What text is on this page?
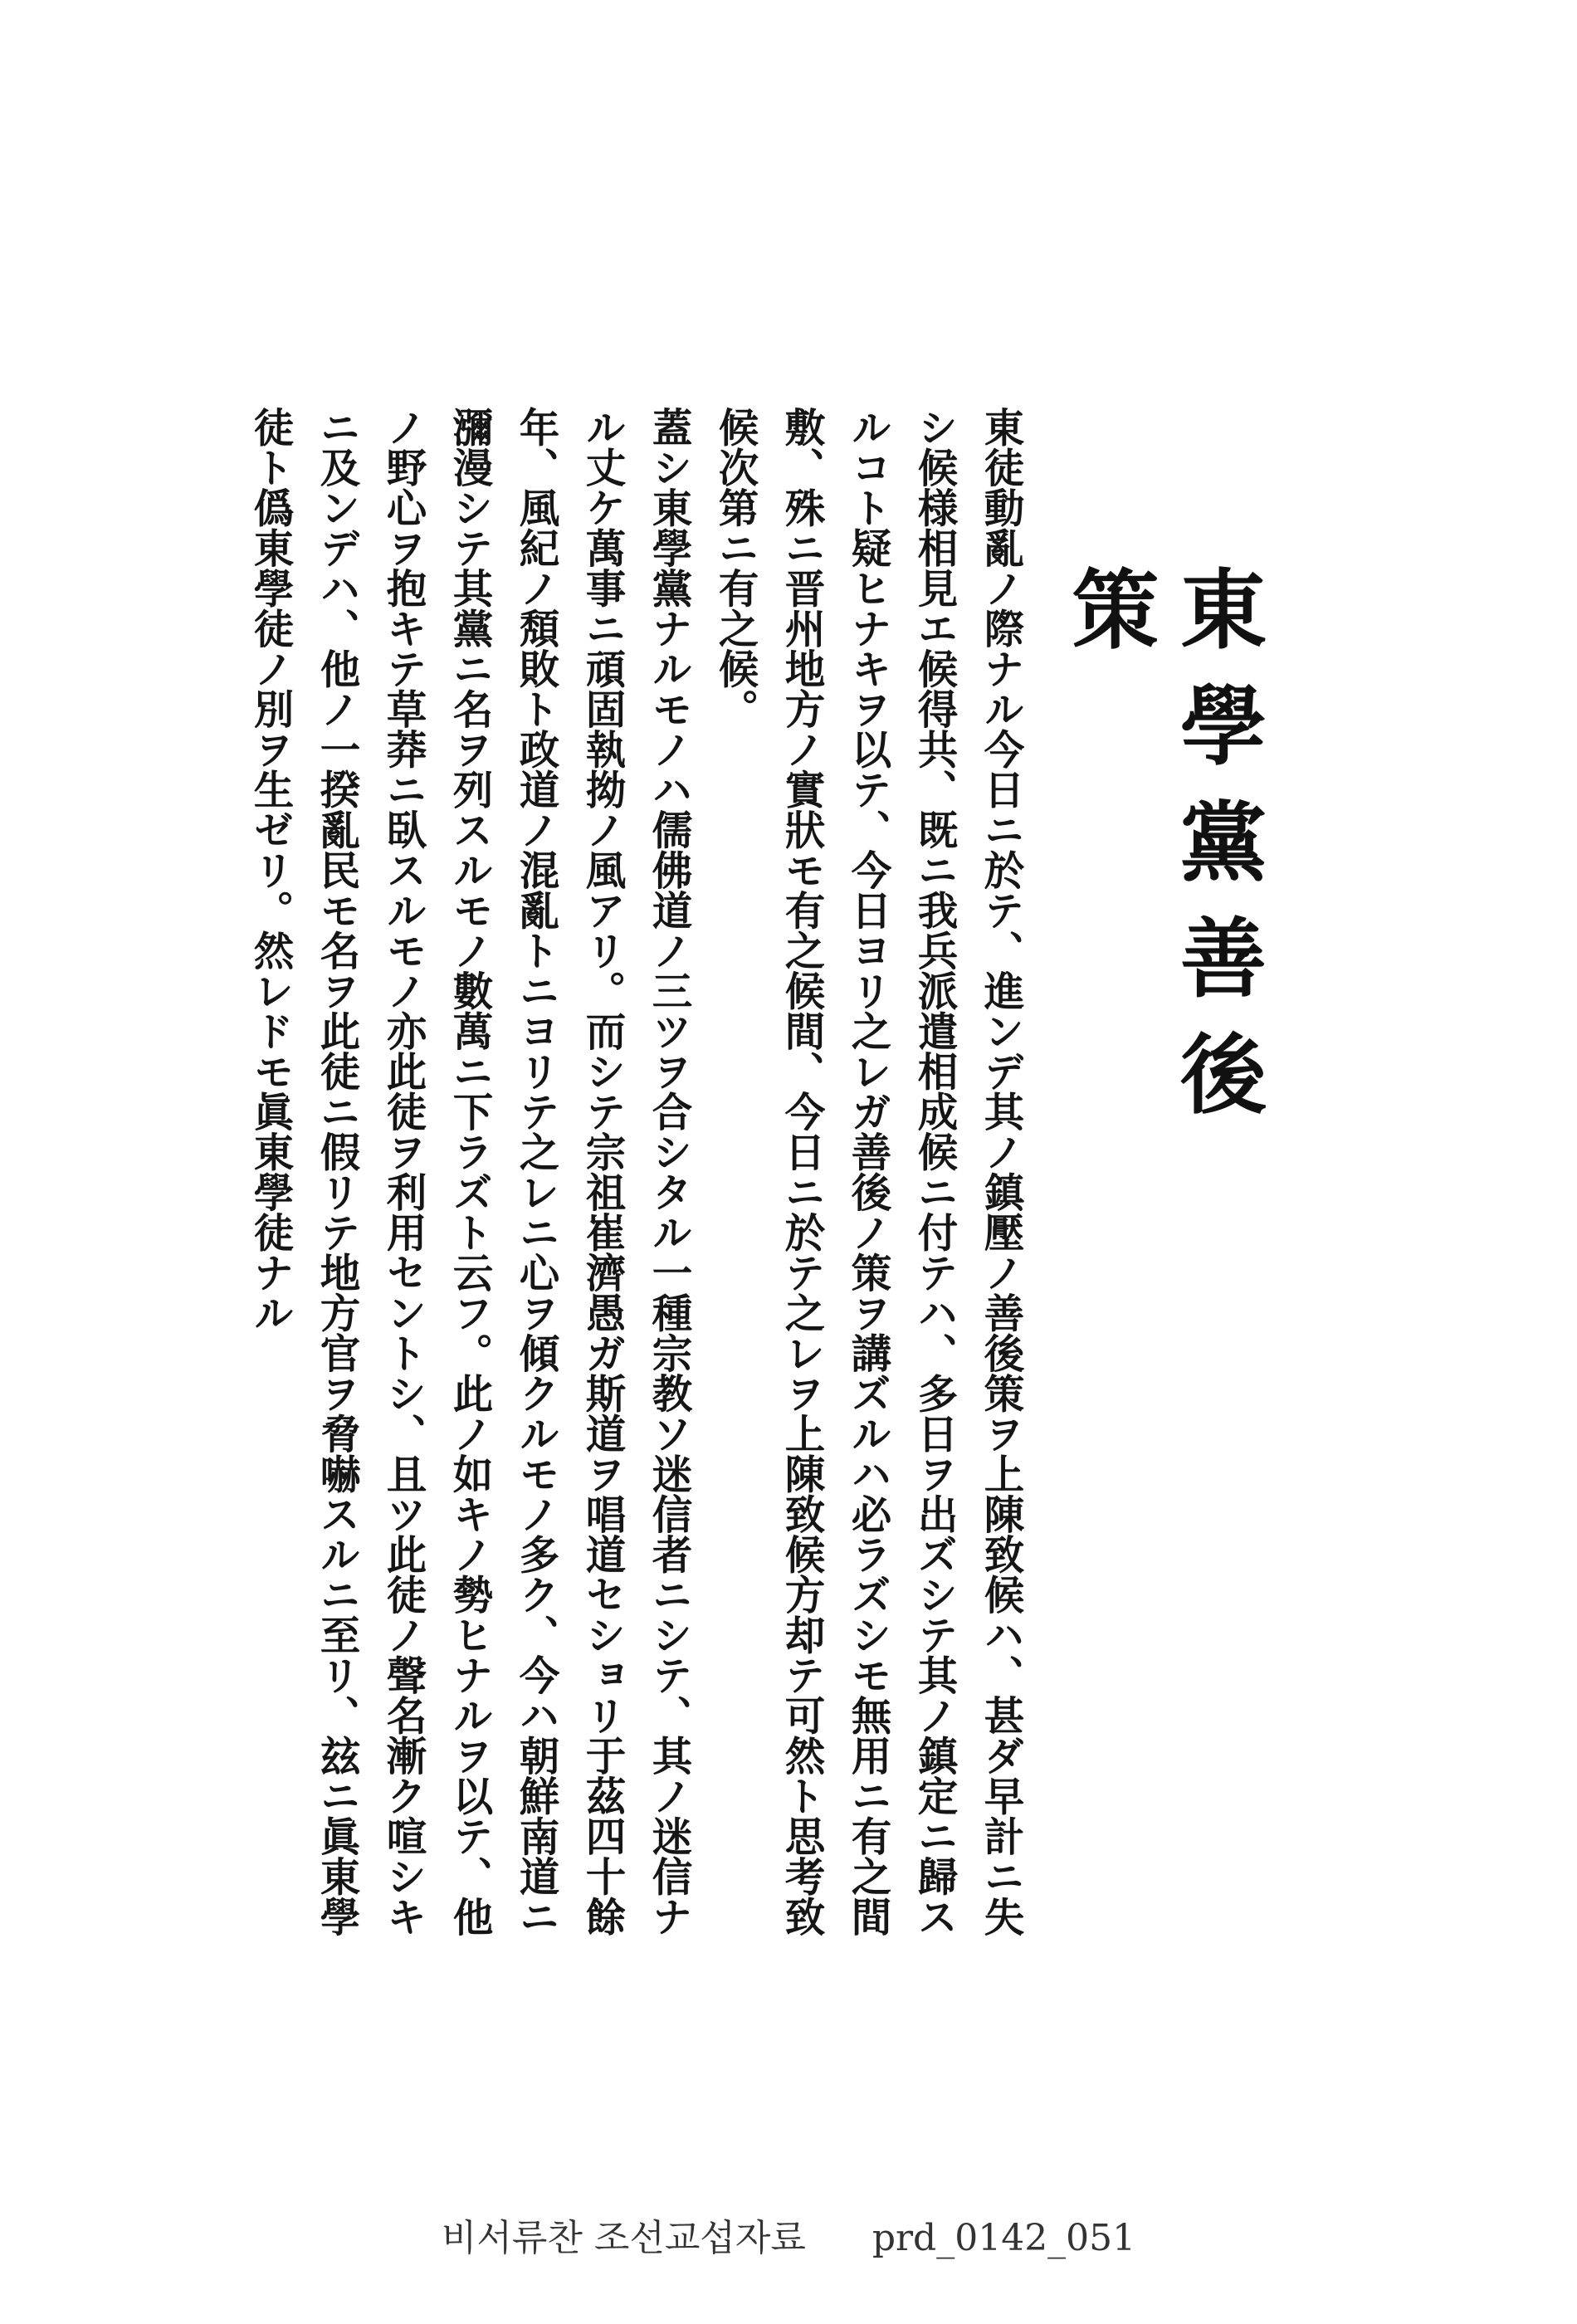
東學黨善後策

東徒動亂ノ際ナル今日ニ於テ、進ンデ其ノ鎮壓ノ善後策ヲ上陳致候ハ、甚ダ早計ニ失シ候様相見エ候得共、既ニ我兵派遣相成候ニ付テハ、多日ヲ出ズシテ其ノ鎮定ニ歸スルコト疑ヒナキヲ以テ、今日ヨリ之レガ善後ノ策ヲ講ズルハ必ラズシモ無用ニ有之間敷、殊ニ晋州地方ノ實狀モ有之候間、今日ニ於テ之レヲ上陳致候方却テ可然ト思考致候次第ニ有之候。

蓋シ東學黨ナルモノハ儒佛道ノ三ツヲ合シタル一種宗教ソ迷信者ニシテ、其ノ迷信ナル丈ケ萬事ニ頑固執拗ノ風アリ。而シテ宗祖崔濟愚ガ斯道ヲ唱道セショリ于茲四十餘年、風紀ノ頽敗ト政道ノ混亂トニヨリテ之レニ心ヲ傾クルモノ多ク、今ハ朝鮮南道ニ瀰漫シテ其黨ニ名ヲ列スルモノ數萬ニ下ラズト云フ。此ノ如キノ勢ヒナルヲ以テ、他ノ野心ヲ抱キテ草莽ニ臥スルモノ亦此徒ヲ利用セントシ、且ツ此徒ノ聲名漸ク喧シキニ及ンデハ、他ノ一揆亂民モ名ヲ此徒ニ假リテ地方官ヲ脅嚇スルニ至リ、玆ニ眞東學徒ト僞東學徒ノ別ヲ生ゼリ。然レドモ眞東學徒ナル

비서류찬 조선교섭자료 prd_0142_051
